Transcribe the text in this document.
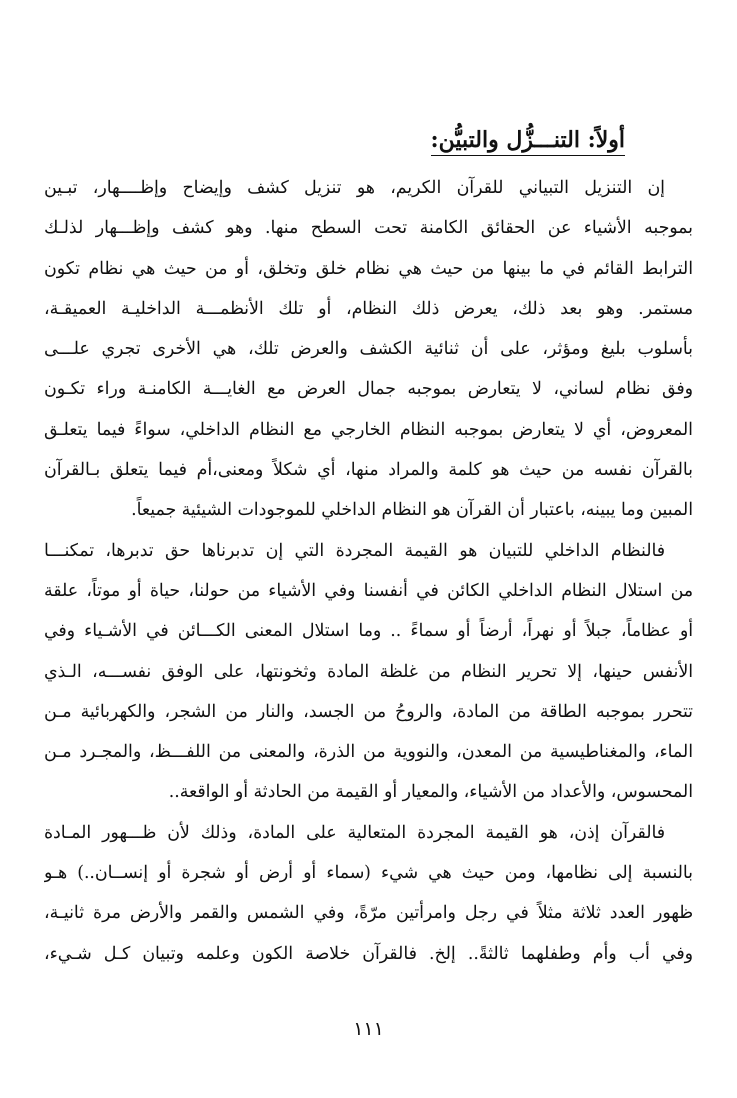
أولاً: التنـــزُّل والتبيُّن:
إن التنزيل التبياني للقرآن الكريم، هو تنزيل كشف وإيضاح وإظــــهار، تبـين
بموجبه الأشياء عن الحقائق الكامنة تحت السطح منها. وهو كشف وإظـــهار لذلـك
الترابط القائم في ما بينها من حيث هي نظام خلق وتخلق، أو من حيث هي نظام تكون
مستمر. وهو بعد ذلك، يعرض ذلك النظام، أو تلك الأنظمـــة الداخليـة العميقـة،
بأسلوب بليغ ومؤثر، على أن ثنائية الكشف والعرض تلك، هي الأخرى تجري علـــى
وفق نظام لساني، لا يتعارض بموجبه جمال العرض مع الغايـــة الكامنـة وراء تكـون
المعروض، أي لا يتعارض بموجبه النظام الخارجي مع النظام الداخلي، سواءً فيما يتعلـق
بالقرآن نفسه من حيث هو كلمة والمراد منها، أي شكلاً ومعنى،أم فيما يتعلق بـالقرآن
المبين وما يبينه، باعتبار أن القرآن هو النظام الداخلي للموجودات الشيئية جميعاً.
فالنظام الداخلي للتبيان هو القيمة المجردة التي إن تدبرناها حق تدبرها، تمكنـــا
من استلال النظام الداخلي الكائن في أنفسنا وفي الأشياء من حولنا، حياة أو موتاً، علقة
أو عظاماً، جبلاً أو نهراً، أرضاً أو سماءً .. وما استلال المعنى الكـــائن في الأشـياء وفي
الأنفس حينها، إلا تحرير النظام من غلظة المادة وثخونتها، على الوفق نفســـه، الـذي
تتحرر بموجبه الطاقة من المادة، والروحُ من الجسد، والنار من الشجر، والكهربائية مـن
الماء، والمغناطيسية من المعدن، والنووية من الذرة، والمعنى من اللفـــظ، والمجـرد مـن
المحسوس، والأعداد من الأشياء، والمعيار أو القيمة من الحادثة أو الواقعة..
فالقرآن إذن، هو القيمة المجردة المتعالية على المادة، وذلك لأن ظـــهور المـادة
بالنسبة إلى نظامها، ومن حيث هي شيء (سماء أو أرض أو شجرة أو إنســان..) هـو
ظهور العدد ثلاثة مثلاً في رجل وامرأتين مرّةً، وفي الشمس والقمر والأرض مرة ثانيـة،
وفي أب وأم وطفلهما ثالثةً.. إلخ. فالقرآن خلاصة الكون وعلمه وتبيان كـل شـيء،
١١١
